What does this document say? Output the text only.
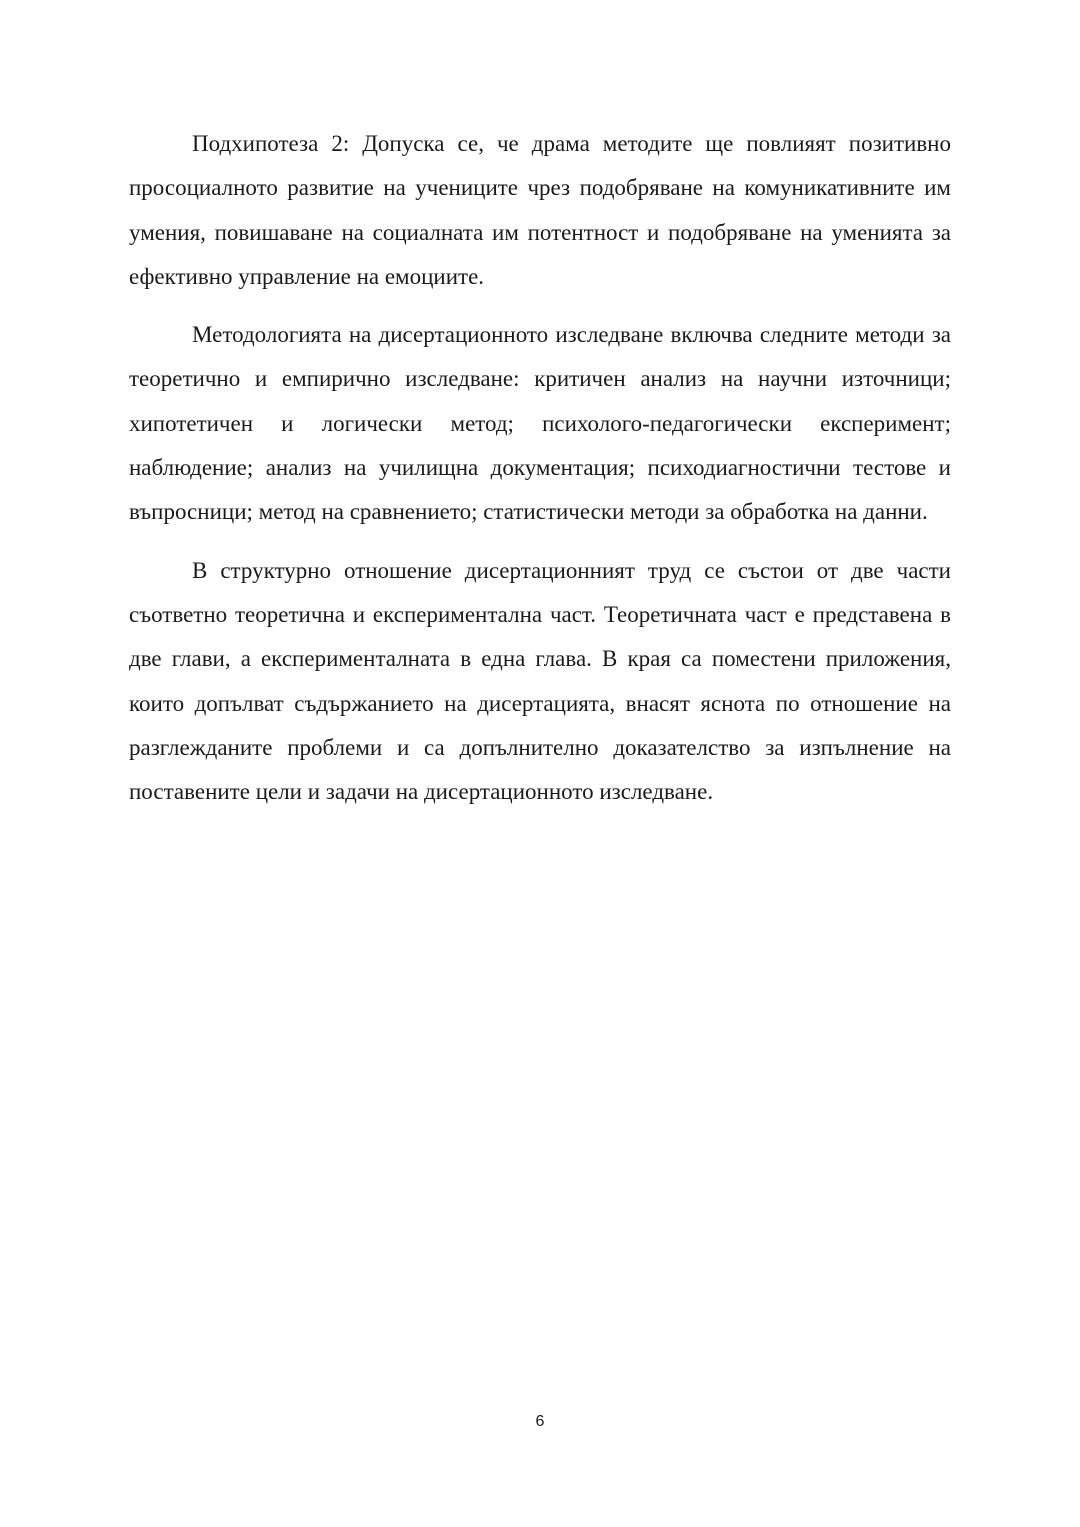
Подхипотеза 2: Допуска се, че драма методите ще повлияят позитивно просоциалното развитие на учениците чрез подобряване на комуникативните им умения, повишаване на социалната им потентност и подобряване на уменията за ефективно управление на емоциите.

Методологията на дисертационното изследване включва следните методи за теоретично и емпирично изследване: критичен анализ на научни източници; хипотетичен и логически метод; психолого-педагогически експеримент; наблюдение; анализ на училищна документация; психодиагностични тестове и въпросници; метод на сравнението; статистически методи за обработка на данни.

В структурно отношение дисертационният труд се състои от две части съответно теоретична и експериментална част. Теоретичната част е представена в две глави, а експерименталната в една глава. В края са поместени приложения, които допълват съдържанието на дисертацията, внасят яснота по отношение на разглежданите проблеми и са допълнително доказателство за изпълнение на поставените цели и задачи на дисертационното изследване.

6
